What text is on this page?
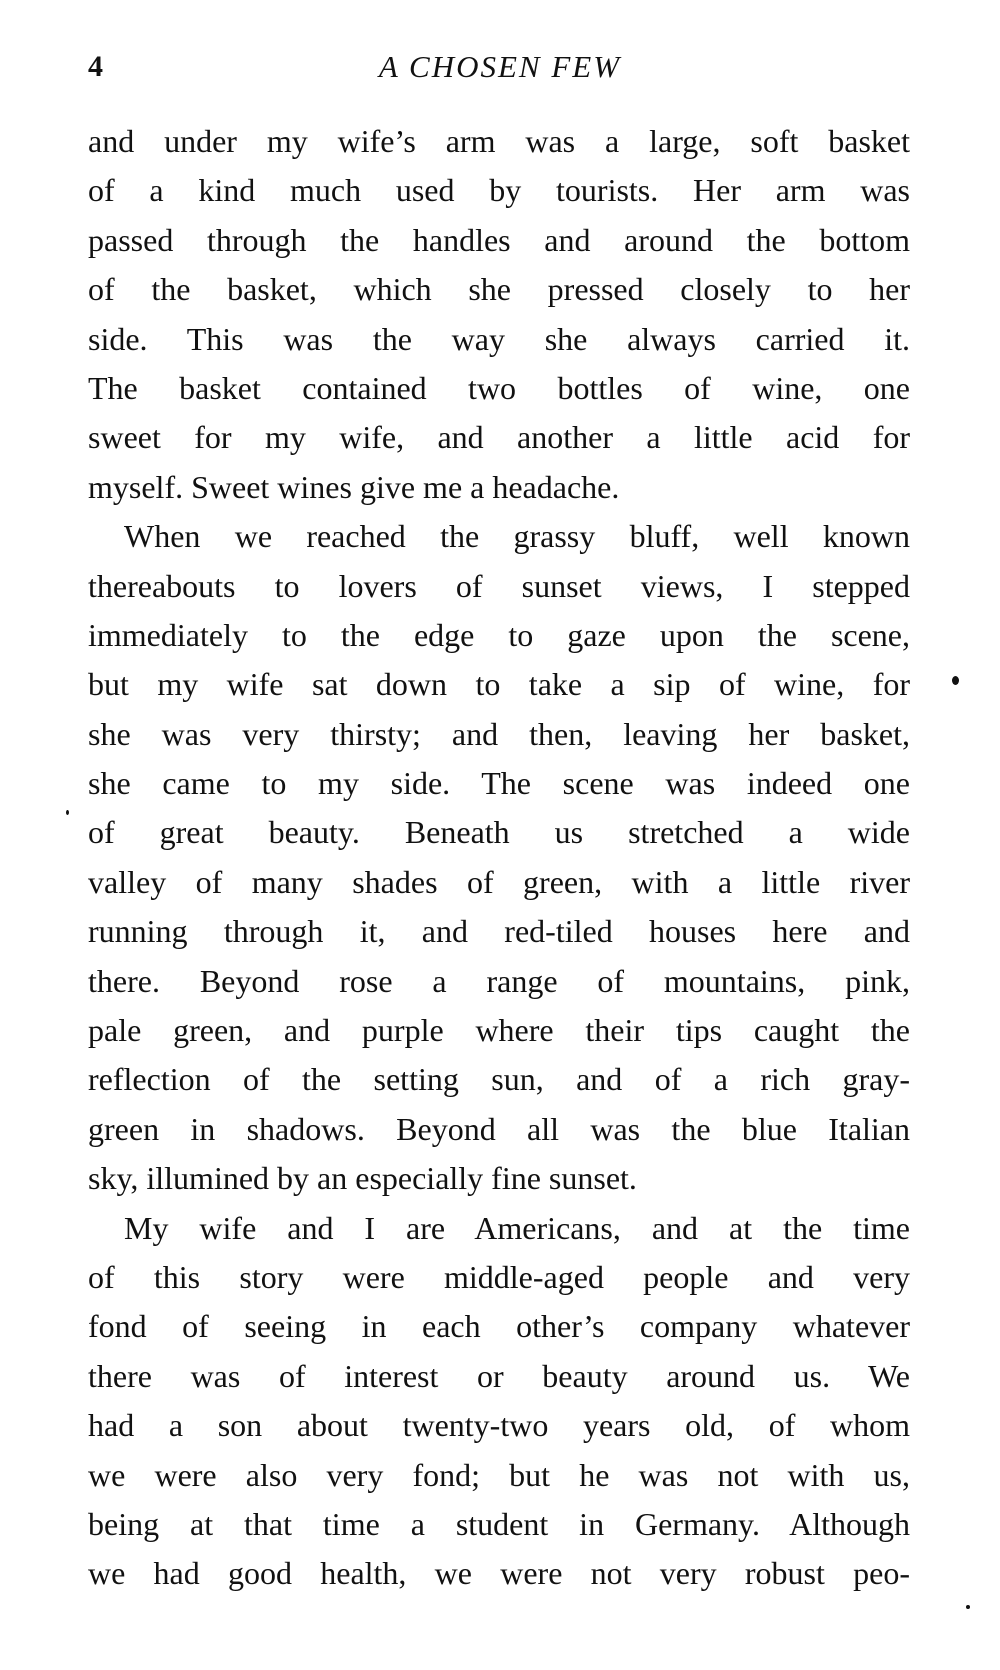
4	A CHOSEN FEW
and under my wife’s arm was a large, soft basket
of a kind much used by tourists. Her arm was
passed through the handles and around the bottom
of the basket, which she pressed closely to her
side. This was the way she always carried it.
The basket contained two bottles of wine, one
sweet for my wife, and another a little acid for
myself. Sweet wines give me a headache.
When we reached the grassy bluff, well known
thereabouts to lovers of sunset views, I stepped
immediately to the edge to gaze upon the scene,
but my wife sat down to take a sip of wine, for
she was very thirsty; and then, leaving her basket,
she came to my side. The scene was indeed one
of great beauty. Beneath us stretched a wide
valley of many shades of green, with a little river
running through it, and red-tiled houses here and
there. Beyond rose a range of mountains, pink,
pale green, and purple where their tips caught the
reflection of the setting sun, and of a rich gray-
green in shadows. Beyond all was the blue Italian
sky, illumined by an especially fine sunset.
My wife and I are Americans, and at the time
of this story were middle-aged people and very
fond of seeing in each other’s company whatever
there was of interest or beauty around us. We
had a son about twenty-two years old, of whom
we were also very fond; but he was not with us,
being at that time a student in Germany. Although
we had good health, we were not very robust peo-
